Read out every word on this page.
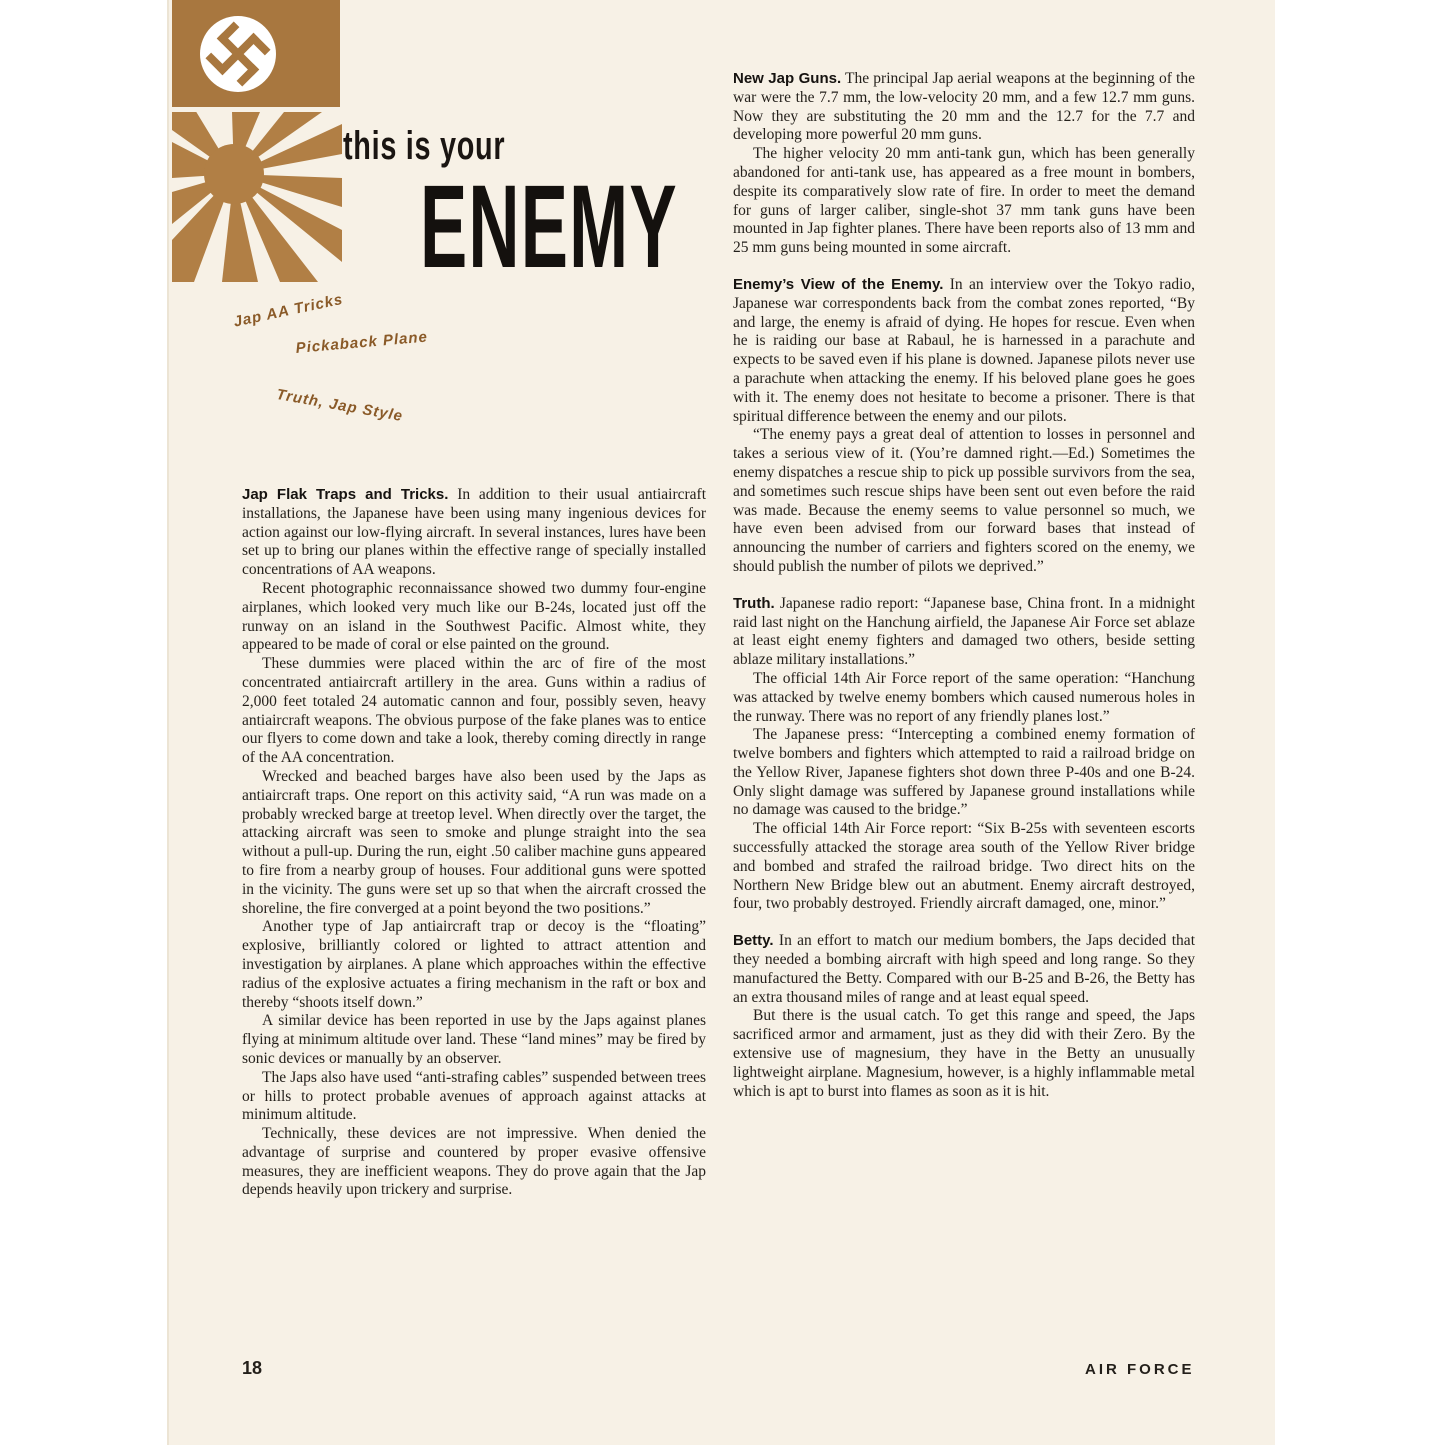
this is your
ENEMY
Jap AA Tricks
Pickaback Plane
Truth, Jap Style

Jap Flak Traps and Tricks. In addition to their usual antiaircraft installations, the Japanese have been using many ingenious devices for action against our low-flying aircraft. In several instances, lures have been set up to bring our planes within the effective range of specially installed concentrations of AA weapons.

Recent photographic reconnaissance showed two dummy four-engine airplanes, which looked very much like our B-24s, located just off the runway on an island in the Southwest Pacific. Almost white, they appeared to be made of coral or else painted on the ground.

These dummies were placed within the arc of fire of the most concentrated antiaircraft artillery in the area. Guns within a radius of 2,000 feet totaled 24 automatic cannon and four, possibly seven, heavy antiaircraft weapons. The obvious purpose of the fake planes was to entice our flyers to come down and take a look, thereby coming directly in range of the AA concentration.

Wrecked and beached barges have also been used by the Japs as antiaircraft traps. One report on this activity said, “A run was made on a probably wrecked barge at treetop level. When directly over the target, the attacking aircraft was seen to smoke and plunge straight into the sea without a pull-up. During the run, eight .50 caliber machine guns appeared to fire from a nearby group of houses. Four additional guns were spotted in the vicinity. The guns were set up so that when the aircraft crossed the shoreline, the fire converged at a point beyond the two positions.”

Another type of Jap antiaircraft trap or decoy is the “floating” explosive, brilliantly colored or lighted to attract attention and investigation by airplanes. A plane which approaches within the effective radius of the explosive actuates a firing mechanism in the raft or box and thereby “shoots itself down.”

A similar device has been reported in use by the Japs against planes flying at minimum altitude over land. These “land mines” may be fired by sonic devices or manually by an observer.

The Japs also have used “anti-strafing cables” suspended between trees or hills to protect probable avenues of approach against attacks at minimum altitude.

Technically, these devices are not impressive. When denied the advantage of surprise and countered by proper evasive offensive measures, they are inefficient weapons. They do prove again that the Jap depends heavily upon trickery and surprise.

New Jap Guns. The principal Jap aerial weapons at the beginning of the war were the 7.7 mm, the low-velocity 20 mm, and a few 12.7 mm guns. Now they are substituting the 20 mm and the 12.7 for the 7.7 and developing more powerful 20 mm guns.

The higher velocity 20 mm anti-tank gun, which has been generally abandoned for anti-tank use, has appeared as a free mount in bombers, despite its comparatively slow rate of fire. In order to meet the demand for guns of larger caliber, single-shot 37 mm tank guns have been mounted in Jap fighter planes. There have been reports also of 13 mm and 25 mm guns being mounted in some aircraft.

Enemy’s View of the Enemy. In an interview over the Tokyo radio, Japanese war correspondents back from the combat zones reported, “By and large, the enemy is afraid of dying. He hopes for rescue. Even when he is raiding our base at Rabaul, he is harnessed in a parachute and expects to be saved even if his plane is downed. Japanese pilots never use a parachute when attacking the enemy. If his beloved plane goes he goes with it. The enemy does not hesitate to become a prisoner. There is that spiritual difference between the enemy and our pilots.

“The enemy pays a great deal of attention to losses in personnel and takes a serious view of it. (You’re damned right.—Ed.) Sometimes the enemy dispatches a rescue ship to pick up possible survivors from the sea, and sometimes such rescue ships have been sent out even before the raid was made. Because the enemy seems to value personnel so much, we have even been advised from our forward bases that instead of announcing the number of carriers and fighters scored on the enemy, we should publish the number of pilots we deprived.”

Truth. Japanese radio report: “Japanese base, China front. In a midnight raid last night on the Hanchung airfield, the Japanese Air Force set ablaze at least eight enemy fighters and damaged two others, beside setting ablaze military installations.”

The official 14th Air Force report of the same operation: “Hanchung was attacked by twelve enemy bombers which caused numerous holes in the runway. There was no report of any friendly planes lost.”

The Japanese press: “Intercepting a combined enemy formation of twelve bombers and fighters which attempted to raid a railroad bridge on the Yellow River, Japanese fighters shot down three P-40s and one B-24. Only slight damage was suffered by Japanese ground installations while no damage was caused to the bridge.”

The official 14th Air Force report: “Six B-25s with seventeen escorts successfully attacked the storage area south of the Yellow River bridge and bombed and strafed the railroad bridge. Two direct hits on the Northern New Bridge blew out an abutment. Enemy aircraft destroyed, four, two probably destroyed. Friendly aircraft damaged, one, minor.”

Betty. In an effort to match our medium bombers, the Japs decided that they needed a bombing aircraft with high speed and long range. So they manufactured the Betty. Compared with our B-25 and B-26, the Betty has an extra thousand miles of range and at least equal speed.

But there is the usual catch. To get this range and speed, the Japs sacrificed armor and armament, just as they did with their Zero. By the extensive use of magnesium, they have in the Betty an unusually lightweight airplane. Magnesium, however, is a highly inflammable metal which is apt to burst into flames as soon as it is hit.

18	AIR FORCE
